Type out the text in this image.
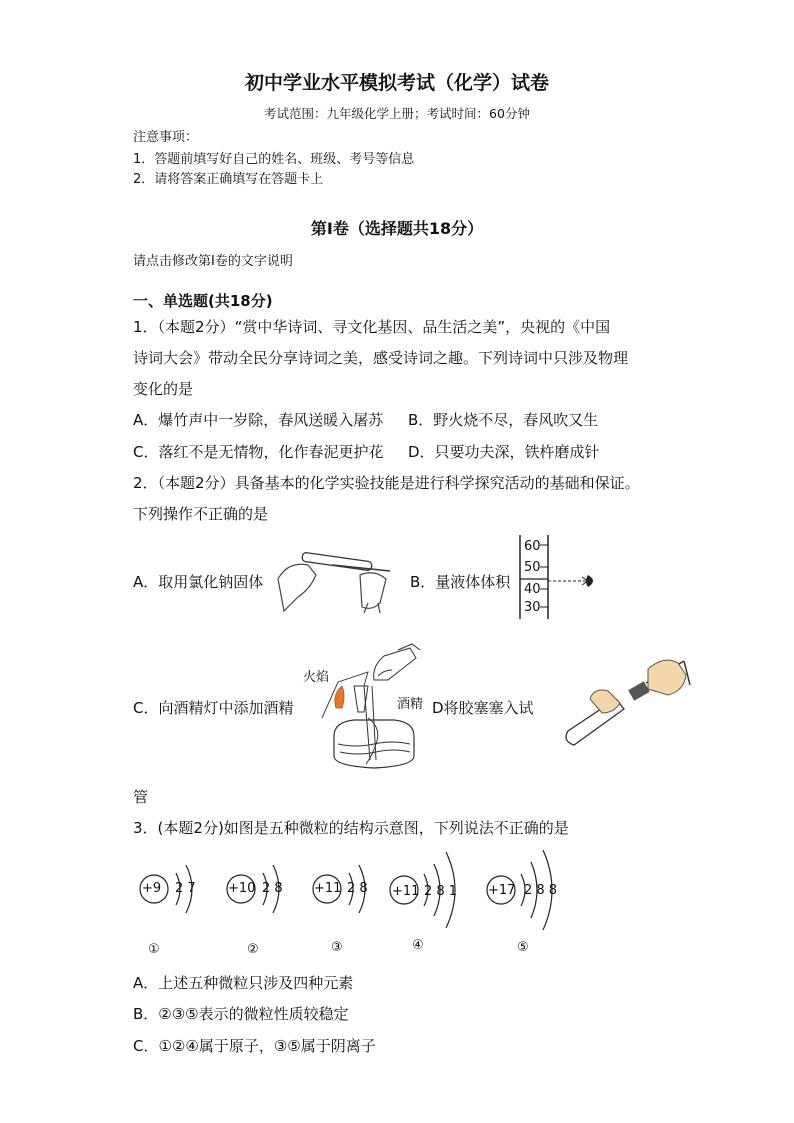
初中学业水平模拟考试（化学）试卷
考试范围：九年级化学上册；考试时间：60分钟
注意事项：
1．答题前填写好自己的姓名、班级、考号等信息
2．请将答案正确填写在答题卡上
第Ⅰ卷（选择题共18分）
请点击修改第Ⅰ卷的文字说明
一、单选题(共18分)
1．（本题2分）“赏中华诗词、寻文化基因、品生活之美”，央视的《中国
诗词大会》带动全民分享诗词之美，感受诗词之趣。下列诗词中只涉及物理
变化的是
A．爆竹声中一岁除，春风送暖入屠苏 B．野火烧不尽，春风吹又生
C．落红不是无情物，化作春泥更护花 D．只要功夫深，铁杵磨成针
2．（本题2分）具备基本的化学实验技能是进行科学探究活动的基础和保证。
下列操作不正确的是
A．取用氯化钠固体	B．量液体体积
60
50
40
30
火焰
酒精
C．向酒精灯中添加酒精	D将胶塞塞入试
管
3．(本题2分)如图是五种微粒的结构示意图，下列说法不正确的是
+9 2 7
①
+10 2 8
②
+11 2 8
③
+11 2 8 1
④
+17 2 8 8
⑤
A．上述五种微粒只涉及四种元素
B．②③⑤表示的微粒性质较稳定
C．①②④属于原子，③⑤属于阴离子
